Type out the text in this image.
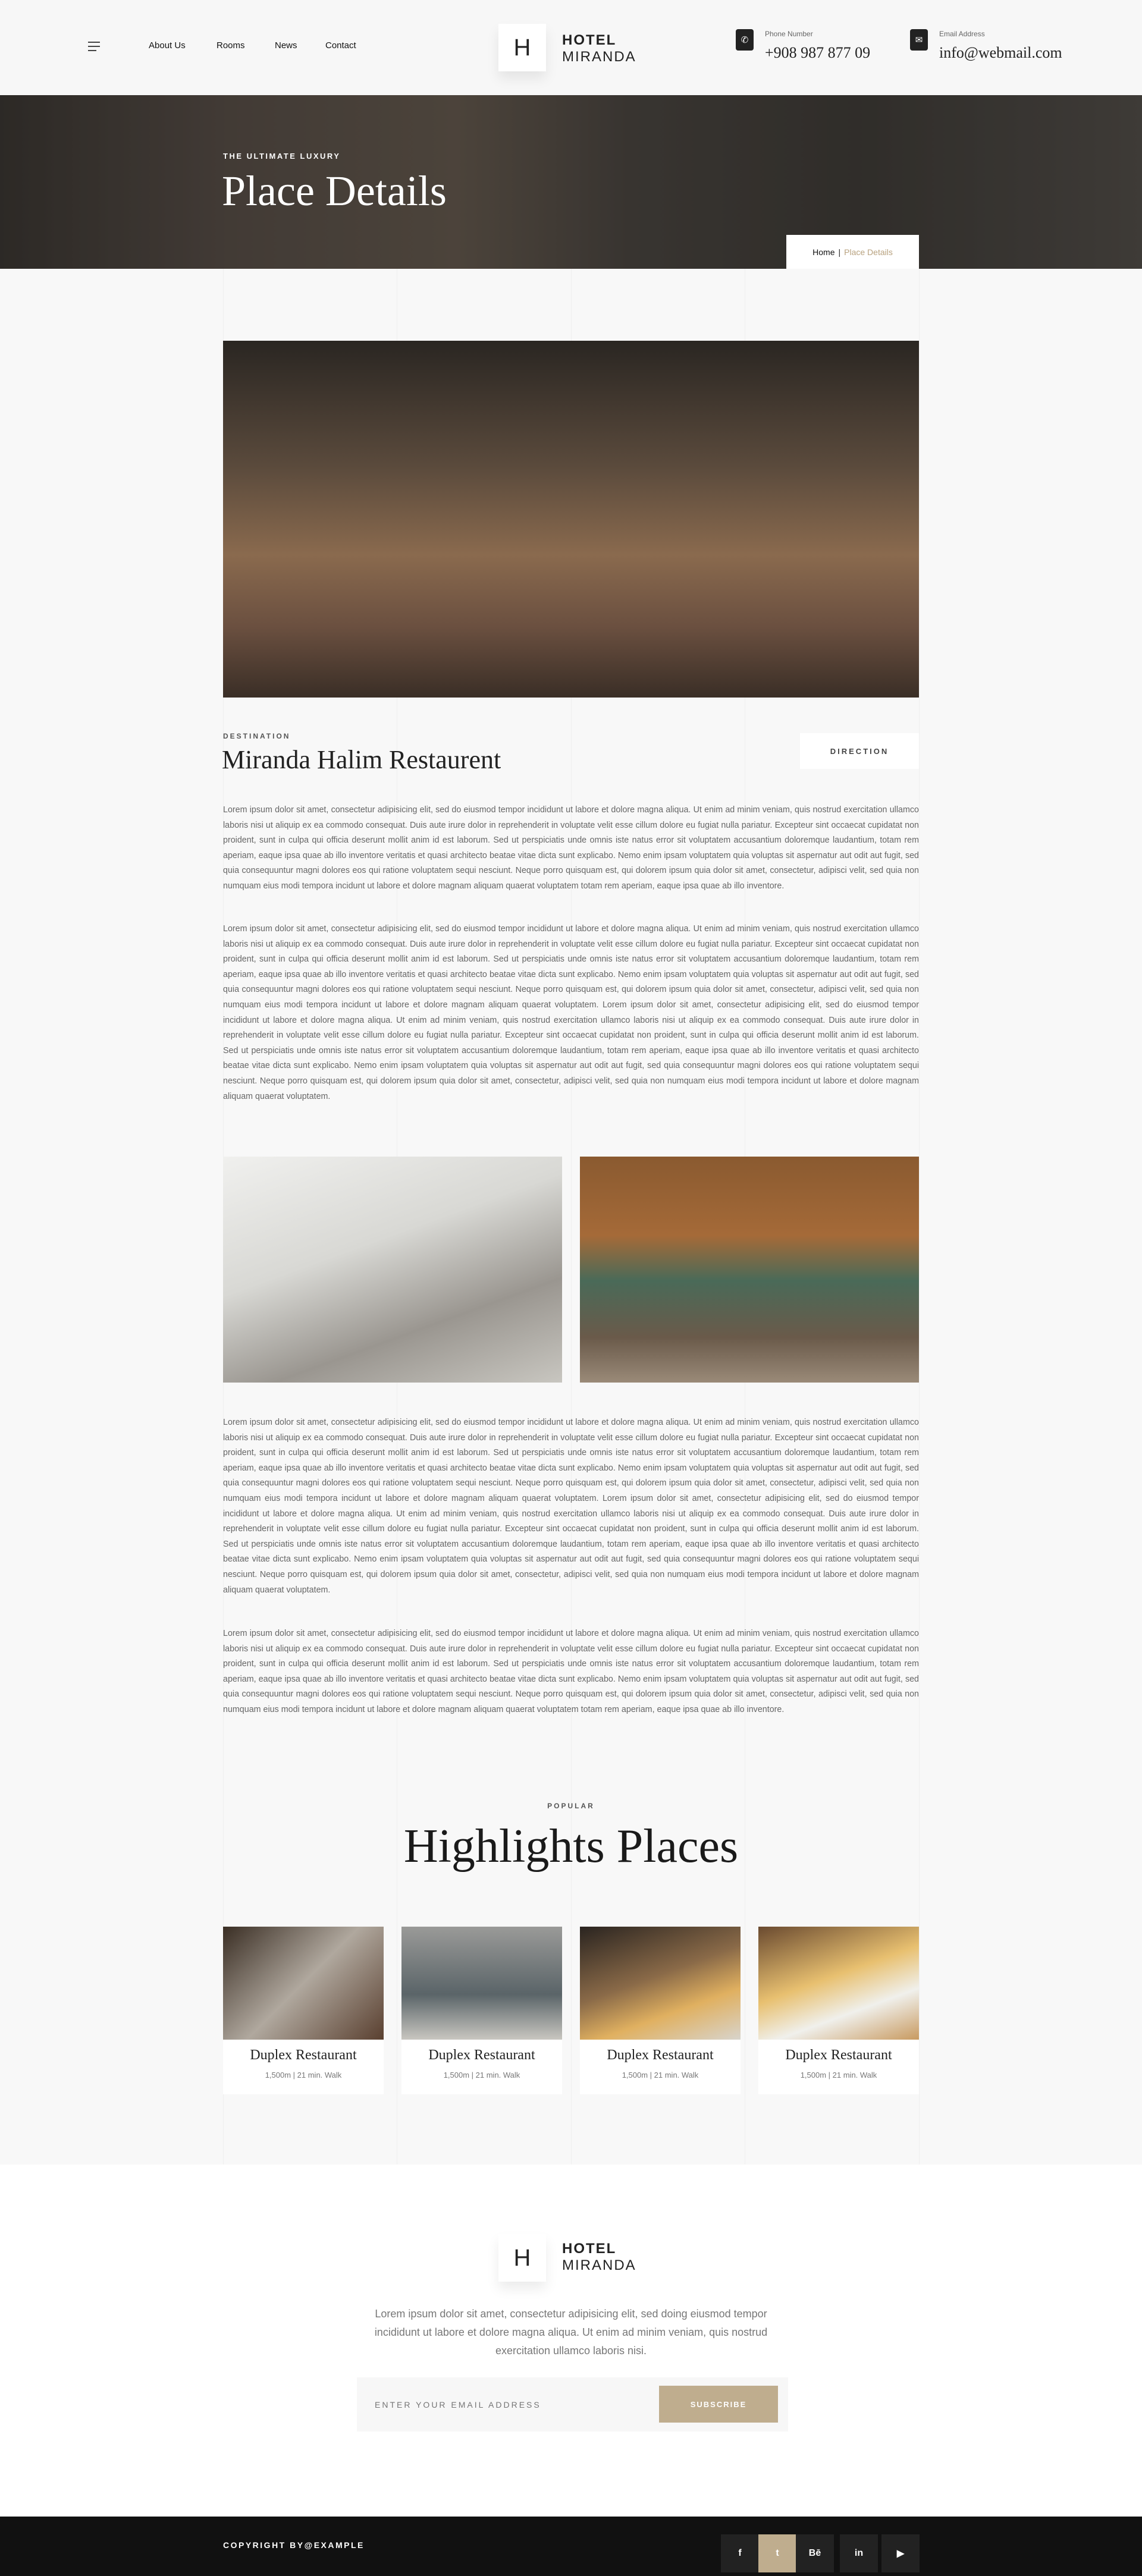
About Us	Rooms	News	Contact	H	HOTEL
MIRANDA
✆
Phone Number
+908 987 877 09
✉
Email Address
info@webmail.com
THE ULTIMATE LUXURY
Place Details
Home | Place Details
DESTINATION
Miranda Halim Restaurent	DIRECTION

Lorem ipsum dolor sit amet, consectetur adipisicing elit, sed do eiusmod tempor incididunt ut labore et dolore magna aliqua. Ut enim ad minim veniam, quis nostrud exercitation ullamco laboris nisi ut aliquip ex ea commodo consequat. Duis aute irure dolor in reprehenderit in voluptate velit esse cillum dolore eu fugiat nulla pariatur. Excepteur sint occaecat cupidatat non proident, sunt in culpa qui officia deserunt mollit anim id est laborum. Sed ut perspiciatis unde omnis iste natus error sit voluptatem accusantium doloremque laudantium, totam rem aperiam, eaque ipsa quae ab illo inventore veritatis et quasi architecto beatae vitae dicta sunt explicabo. Nemo enim ipsam voluptatem quia voluptas sit aspernatur aut odit aut fugit, sed quia consequuntur magni dolores eos qui ratione voluptatem sequi nesciunt. Neque porro quisquam est, qui dolorem ipsum quia dolor sit amet, consectetur, adipisci velit, sed quia non numquam eius modi tempora incidunt ut labore et dolore magnam aliquam quaerat voluptatem totam rem aperiam, eaque ipsa quae ab illo inventore.

Lorem ipsum dolor sit amet, consectetur adipisicing elit, sed do eiusmod tempor incididunt ut labore et dolore magna aliqua. Ut enim ad minim veniam, quis nostrud exercitation ullamco laboris nisi ut aliquip ex ea commodo consequat. Duis aute irure dolor in reprehenderit in voluptate velit esse cillum dolore eu fugiat nulla pariatur. Excepteur sint occaecat cupidatat non proident, sunt in culpa qui officia deserunt mollit anim id est laborum. Sed ut perspiciatis unde omnis iste natus error sit voluptatem accusantium doloremque laudantium, totam rem aperiam, eaque ipsa quae ab illo inventore veritatis et quasi architecto beatae vitae dicta sunt explicabo. Nemo enim ipsam voluptatem quia voluptas sit aspernatur aut odit aut fugit, sed quia consequuntur magni dolores eos qui ratione voluptatem sequi nesciunt. Neque porro quisquam est, qui dolorem ipsum quia dolor sit amet, consectetur, adipisci velit, sed quia non numquam eius modi tempora incidunt ut labore et dolore magnam aliquam quaerat voluptatem. Lorem ipsum dolor sit amet, consectetur adipisicing elit, sed do eiusmod tempor incididunt ut labore et dolore magna aliqua. Ut enim ad minim veniam, quis nostrud exercitation ullamco laboris nisi ut aliquip ex ea commodo consequat. Duis aute irure dolor in reprehenderit in voluptate velit esse cillum dolore eu fugiat nulla pariatur. Excepteur sint occaecat cupidatat non proident, sunt in culpa qui officia deserunt mollit anim id est laborum. Sed ut perspiciatis unde omnis iste natus error sit voluptatem accusantium doloremque laudantium, totam rem aperiam, eaque ipsa quae ab illo inventore veritatis et quasi architecto beatae vitae dicta sunt explicabo. Nemo enim ipsam voluptatem quia voluptas sit aspernatur aut odit aut fugit, sed quia consequuntur magni dolores eos qui ratione voluptatem sequi nesciunt. Neque porro quisquam est, qui dolorem ipsum quia dolor sit amet, consectetur, adipisci velit, sed quia non numquam eius modi tempora incidunt ut labore et dolore magnam aliquam quaerat voluptatem.

Lorem ipsum dolor sit amet, consectetur adipisicing elit, sed do eiusmod tempor incididunt ut labore et dolore magna aliqua. Ut enim ad minim veniam, quis nostrud exercitation ullamco laboris nisi ut aliquip ex ea commodo consequat. Duis aute irure dolor in reprehenderit in voluptate velit esse cillum dolore eu fugiat nulla pariatur. Excepteur sint occaecat cupidatat non proident, sunt in culpa qui officia deserunt mollit anim id est laborum. Sed ut perspiciatis unde omnis iste natus error sit voluptatem accusantium doloremque laudantium, totam rem aperiam, eaque ipsa quae ab illo inventore veritatis et quasi architecto beatae vitae dicta sunt explicabo. Nemo enim ipsam voluptatem quia voluptas sit aspernatur aut odit aut fugit, sed quia consequuntur magni dolores eos qui ratione voluptatem sequi nesciunt. Neque porro quisquam est, qui dolorem ipsum quia dolor sit amet, consectetur, adipisci velit, sed quia non numquam eius modi tempora incidunt ut labore et dolore magnam aliquam quaerat voluptatem. Lorem ipsum dolor sit amet, consectetur adipisicing elit, sed do eiusmod tempor incididunt ut labore et dolore magna aliqua. Ut enim ad minim veniam, quis nostrud exercitation ullamco laboris nisi ut aliquip ex ea commodo consequat. Duis aute irure dolor in reprehenderit in voluptate velit esse cillum dolore eu fugiat nulla pariatur. Excepteur sint occaecat cupidatat non proident, sunt in culpa qui officia deserunt mollit anim id est laborum. Sed ut perspiciatis unde omnis iste natus error sit voluptatem accusantium doloremque laudantium, totam rem aperiam, eaque ipsa quae ab illo inventore veritatis et quasi architecto beatae vitae dicta sunt explicabo. Nemo enim ipsam voluptatem quia voluptas sit aspernatur aut odit aut fugit, sed quia consequuntur magni dolores eos qui ratione voluptatem sequi nesciunt. Neque porro quisquam est, qui dolorem ipsum quia dolor sit amet, consectetur, adipisci velit, sed quia non numquam eius modi tempora incidunt ut labore et dolore magnam aliquam quaerat voluptatem.

Lorem ipsum dolor sit amet, consectetur adipisicing elit, sed do eiusmod tempor incididunt ut labore et dolore magna aliqua. Ut enim ad minim veniam, quis nostrud exercitation ullamco laboris nisi ut aliquip ex ea commodo consequat. Duis aute irure dolor in reprehenderit in voluptate velit esse cillum dolore eu fugiat nulla pariatur. Excepteur sint occaecat cupidatat non proident, sunt in culpa qui officia deserunt mollit anim id est laborum. Sed ut perspiciatis unde omnis iste natus error sit voluptatem accusantium doloremque laudantium, totam rem aperiam, eaque ipsa quae ab illo inventore veritatis et quasi architecto beatae vitae dicta sunt explicabo. Nemo enim ipsam voluptatem quia voluptas sit aspernatur aut odit aut fugit, sed quia consequuntur magni dolores eos qui ratione voluptatem sequi nesciunt. Neque porro quisquam est, qui dolorem ipsum quia dolor sit amet, consectetur, adipisci velit, sed quia non numquam eius modi tempora incidunt ut labore et dolore magnam aliquam quaerat voluptatem totam rem aperiam, eaque ipsa quae ab illo inventore.

POPULAR
Highlights Places
Duplex Restaurant
1,500m | 21 min. Walk
Duplex Restaurant
1,500m | 21 min. Walk
Duplex Restaurant
1,500m | 21 min. Walk
Duplex Restaurant
1,500m | 21 min. Walk
H	HOTEL
MIRANDA

Lorem ipsum dolor sit amet, consectetur adipisicing elit, sed doing eiusmod tempor incididunt ut labore et dolore magna aliqua. Ut enim ad minim veniam, quis nostrud exercitation ullamco laboris nisi.

ENTER YOUR EMAIL ADDRESS
SUBSCRIBE
COPYRIGHT BY@EXAMPLE
f	t	Bē	in	▶
